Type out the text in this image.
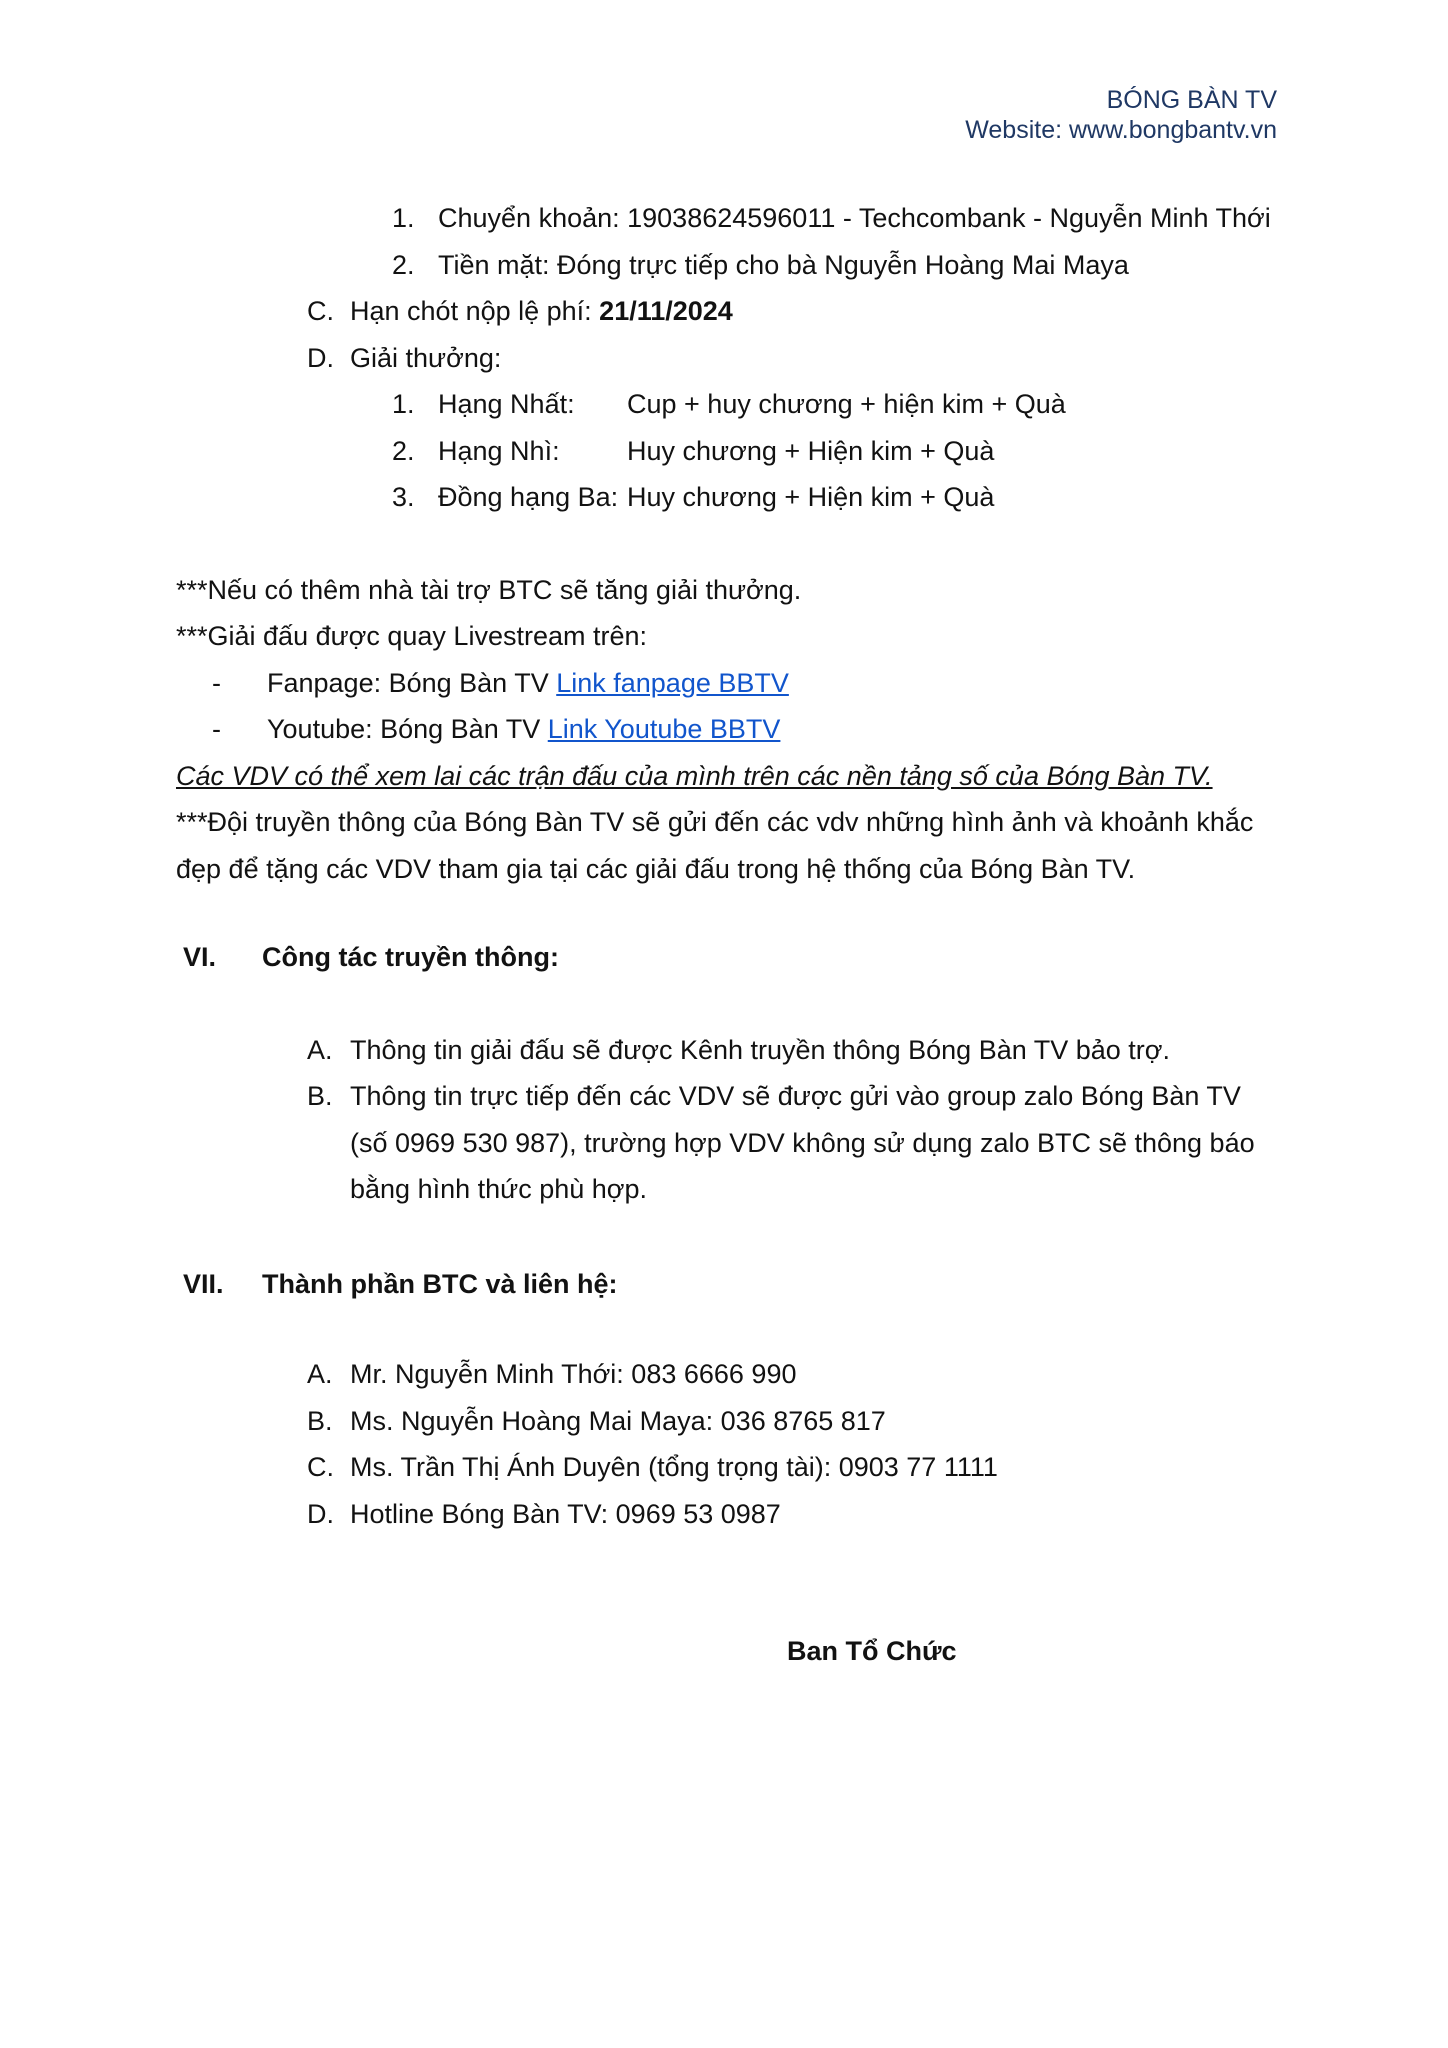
BÓNG BÀN TV
Website: www.bongbantv.vn
1. Chuyển khoản: 19038624596011 - Techcombank - Nguyễn Minh Thới
2. Tiền mặt: Đóng trực tiếp cho bà Nguyễn Hoàng Mai Maya
C. Hạn chót nộp lệ phí: 21/11/2024
D. Giải thưởng:
1. Hạng Nhất: Cup + huy chương + hiện kim + Quà
2. Hạng Nhì: Huy chương + Hiện kim + Quà
3. Đồng hạng Ba:Huy chương + Hiện kim + Quà
***Nếu có thêm nhà tài trợ BTC sẽ tăng giải thưởng.
***Giải đấu được quay Livestream trên:
- Fanpage: Bóng Bàn TV Link fanpage BBTV
- Youtube: Bóng Bàn TV Link Youtube BBTV
Các VDV có thể xem lai các trận đấu của mình trên các nền tảng số của Bóng Bàn TV.
***Đội truyền thông của Bóng Bàn TV sẽ gửi đến các vdv những hình ảnh và khoảnh khắc
đẹp để tặng các VDV tham gia tại các giải đấu trong hệ thống của Bóng Bàn TV.
VI. Công tác truyền thông:
A. Thông tin giải đấu sẽ được Kênh truyền thông Bóng Bàn TV bảo trợ.
B. Thông tin trực tiếp đến các VDV sẽ được gửi vào group zalo Bóng Bàn TV
(số 0969 530 987), trường hợp VDV không sử dụng zalo BTC sẽ thông báo
bằng hình thức phù hợp.
VII. Thành phần BTC và liên hệ:
A. Mr. Nguyễn Minh Thới: 083 6666 990
B. Ms. Nguyễn Hoàng Mai Maya: 036 8765 817
C. Ms. Trần Thị Ánh Duyên (tổng trọng tài): 0903 77 1111
D. Hotline Bóng Bàn TV: 0969 53 0987
Ban Tổ Chức
